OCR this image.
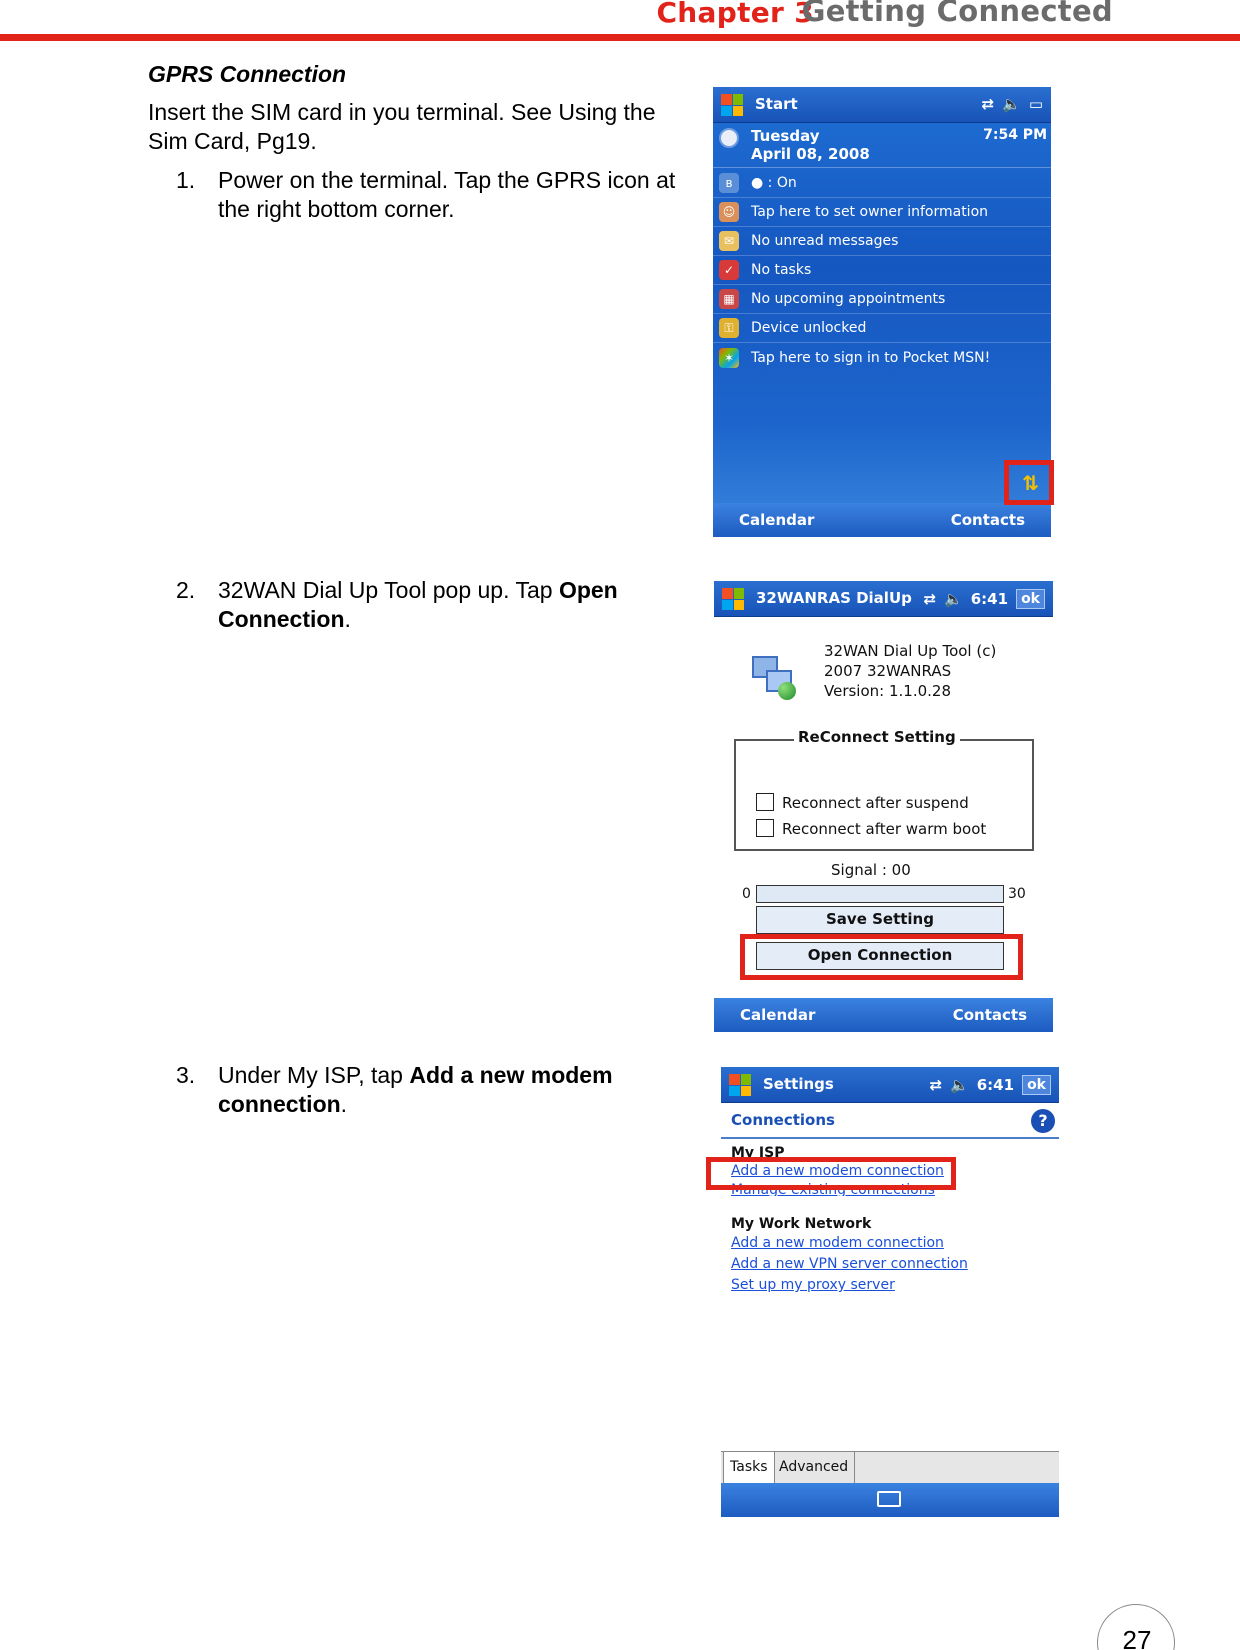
Chapter 3
Getting Connected
GPRS Connection
Insert the SIM card in you terminal. See Using the Sim Card, Pg19.
1. Power on the terminal. Tap the GPRS icon at the right bottom corner.
2. 32WAN Dial Up Tool pop up. Tap Open Connection.
3. Under My ISP, tap Add a new modem connection.
Start	⇄ 🔈 ▭
Tuesday
April 08, 2008
7:54 PM
ʙ	● : On
☺ Tap here to set owner information
✉	No unread messages
✓	No tasks
▦	No upcoming appointments
⚿	Device unlocked
✶	Tap here to sign in to Pocket MSN!
⇅
Calendar	Contacts
32WANRAS DialUp ⇄ 🔈 6:41 ok
32WAN Dial Up Tool (c)
2007 32WANRAS
Version: 1.1.0.28
ReConnect Setting
Reconnect after suspend
Reconnect after warm boot
Signal : 00
0	30
Save Setting
Open Connection
Calendar	Contacts
Settings	⇄ 🔈 6:41 ok
Connections	?
My ISP
Add a new modem connection
Manage existing connections
My Work Network
Add a new modem connection
Add a new VPN server connection
Set up my proxy server
Tasks Advanced
27
